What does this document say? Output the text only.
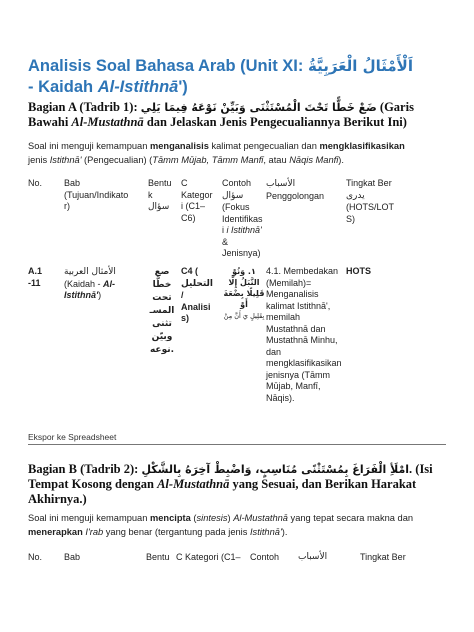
Analisis Soal Bahasa Arab (Unit XI: اَلْأَمْثَالُ الْعَرَبِيَّةُ
- Kaidah Al-Istithnā')
Bagian A (Tadrib 1): ضَعْ خَطًّا تَحْتَ الْمُسْتَثْنَى وَبَيِّنْ نَوْعَهُ فِيمَا يَلِي (Garis
Bawahi Al-Mustathnā dan Jelaskan Jenis Pengecualiannya Berikut Ini)
Soal ini menguji kemampuan menganalisis kalimat pengecualian dan mengklasifikasikan
jenis Istithnā' (Pengecualian) (Tāmm Mūjab, Tāmm Manfī, atau Nāqis Manfī).
No. Bab
(Tujuan/Indikato
r)
Bentu
k
سؤال
C
Kategor
i (C1–
C6)
Contoh
سؤال
(Fokus
Identifikas
i i Istithnā'
&
Jenisnya)
الأسباب
Penggolongan
Tingkat Ber
يدرى
(HOTS/LOT
S)
A.1
-11
الأمثال العربية
(Kaidah - Al-
Istithnā')
صع
خطًّا
تحت
المسـ
تثنى
وبيّن
نوعه.
C4 (
التحليل
/
Analisi
s)
١. وَنُوْ
النَّبَلُ إِلَّا
قَلِيلًا بِضْعَةَ أَوْ
بِقَلِيلٍ يَ أَنَّ مِنْ
4.1. Membedakan
(Memilah)=
Menganalisis
kalimat Istithnā',
memilah
Mustathnā dan
Mustathnā Minhu,
dan
mengklasifikasikan
jenisnya (Tāmm
Mūjab, Manfī,
Nāqis).
HOTS
Ekspor ke Spreadsheet
Bagian B (Tadrib 2): امْلَأِ الْفَرَاغَ بِمُسْتَثْنًى مُنَاسِبٍ، وَاضْبِطْ آخِرَهُ بِالشَّكْلِ. (Isi
Tempat Kosong dengan Al-Mustathnā yang Sesuai, dan Berikan Harakat
Akhirnya.)
Soal ini menguji kemampuan mencipta (sintesis) Al-Mustathnā yang tepat secara makna dan
menerapkan I'rab yang benar (tergantung pada jenis Istithnā').
No. Bab	Bentu C Kategori (C1– Contoh الأسباب	Tingkat Ber
